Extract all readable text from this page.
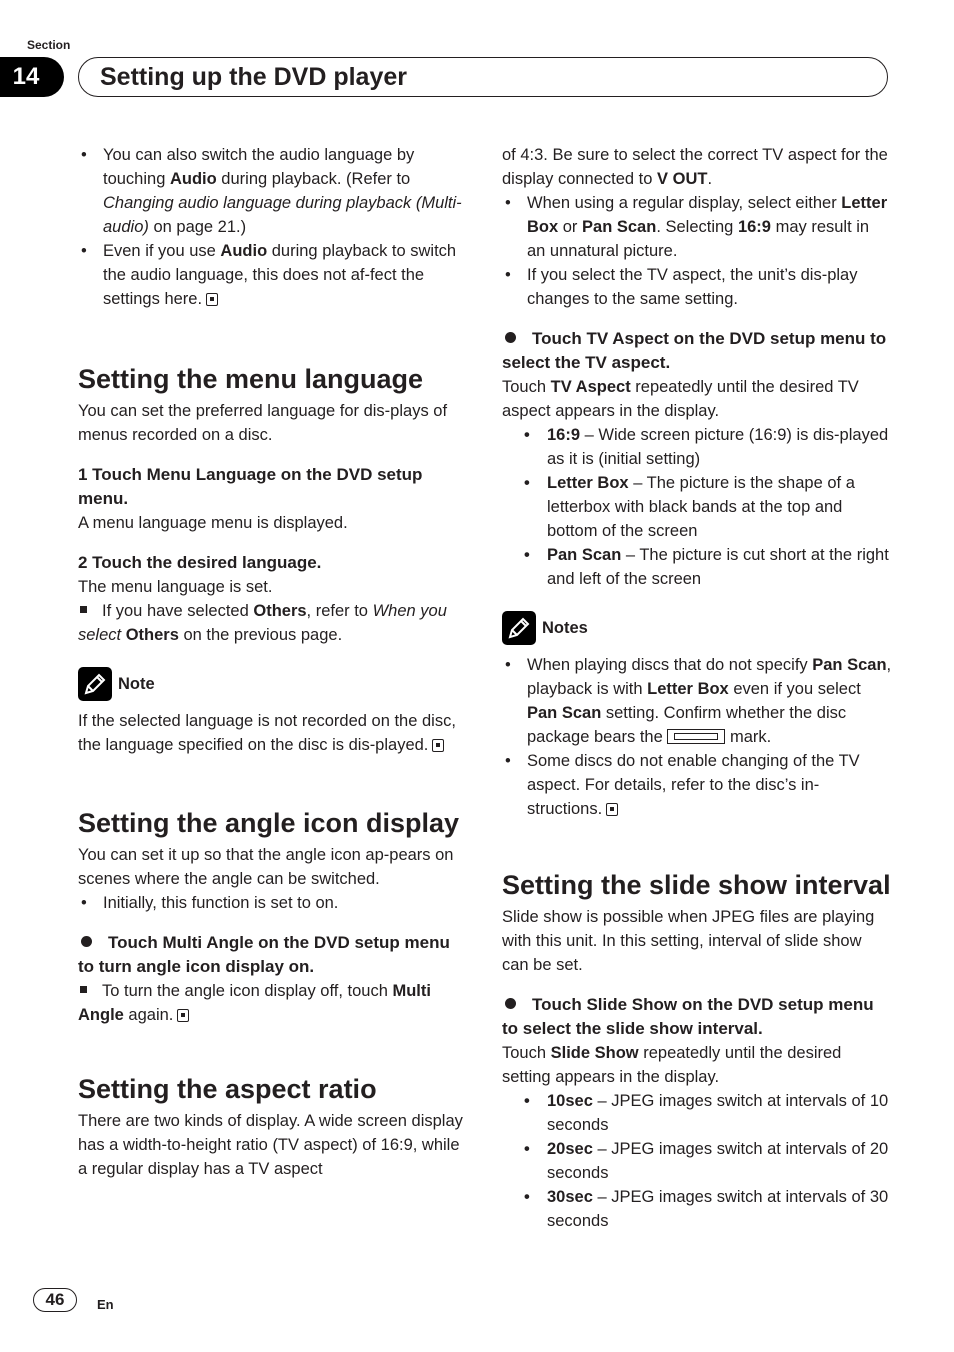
Section
14	Setting up the DVD player
• You can also switch the audio language by touching Audio during playback. (Refer to Changing audio language during playback (Multi-audio) on page 21.)
• Even if you use Audio during playback to switch the audio language, this does not af-fect the settings here.
Setting the menu language

You can set the preferred language for dis-plays of menus recorded on a disc.

1 Touch Menu Language on the DVD setup menu.

A menu language menu is displayed.

2 Touch the desired language.

The menu language is set.

If you have selected Others, refer to When you select Others on the previous page.

Note

If the selected language is not recorded on the disc, the language specified on the disc is dis-played.

Setting the angle icon display

You can set it up so that the angle icon ap-pears on scenes where the angle can be switched.

• Initially, this function is set to on.

Touch Multi Angle on the DVD setup menu to turn angle icon display on.

To turn the angle icon display off, touch Multi Angle again.

Setting the aspect ratio

There are two kinds of display. A wide screen display has a width-to-height ratio (TV aspect) of 16:9, while a regular display has a TV aspect

of 4:3. Be sure to select the correct TV aspect for the display connected to V OUT.

• When using a regular display, select either Letter Box or Pan Scan. Selecting 16:9 may result in an unnatural picture.
• If you select the TV aspect, the unit’s dis-play changes to the same setting.

Touch TV Aspect on the DVD setup menu to select the TV aspect.

Touch TV Aspect repeatedly until the desired TV aspect appears in the display.

• 16:9 – Wide screen picture (16:9) is dis-played as it is (initial setting)
• Letter Box – The picture is the shape of a letterbox with black bands at the top and bottom of the screen
• Pan Scan – The picture is cut short at the right and left of the screen
Notes
• When playing discs that do not specify Pan Scan, playback is with Letter Box even if you select Pan Scan setting. Confirm whether the disc package bears the	mark.
• Some discs do not enable changing of the TV aspect. For details, refer to the disc’s in-structions.
Setting the slide show interval

Slide show is possible when JPEG files are playing with this unit. In this setting, interval of slide show can be set.

Touch Slide Show on the DVD setup menu to select the slide show interval.

Touch Slide Show repeatedly until the desired setting appears in the display.

• 10sec – JPEG images switch at intervals of 10 seconds
• 20sec – JPEG images switch at intervals of 20 seconds
• 30sec – JPEG images switch at intervals of 30 seconds
46	En
